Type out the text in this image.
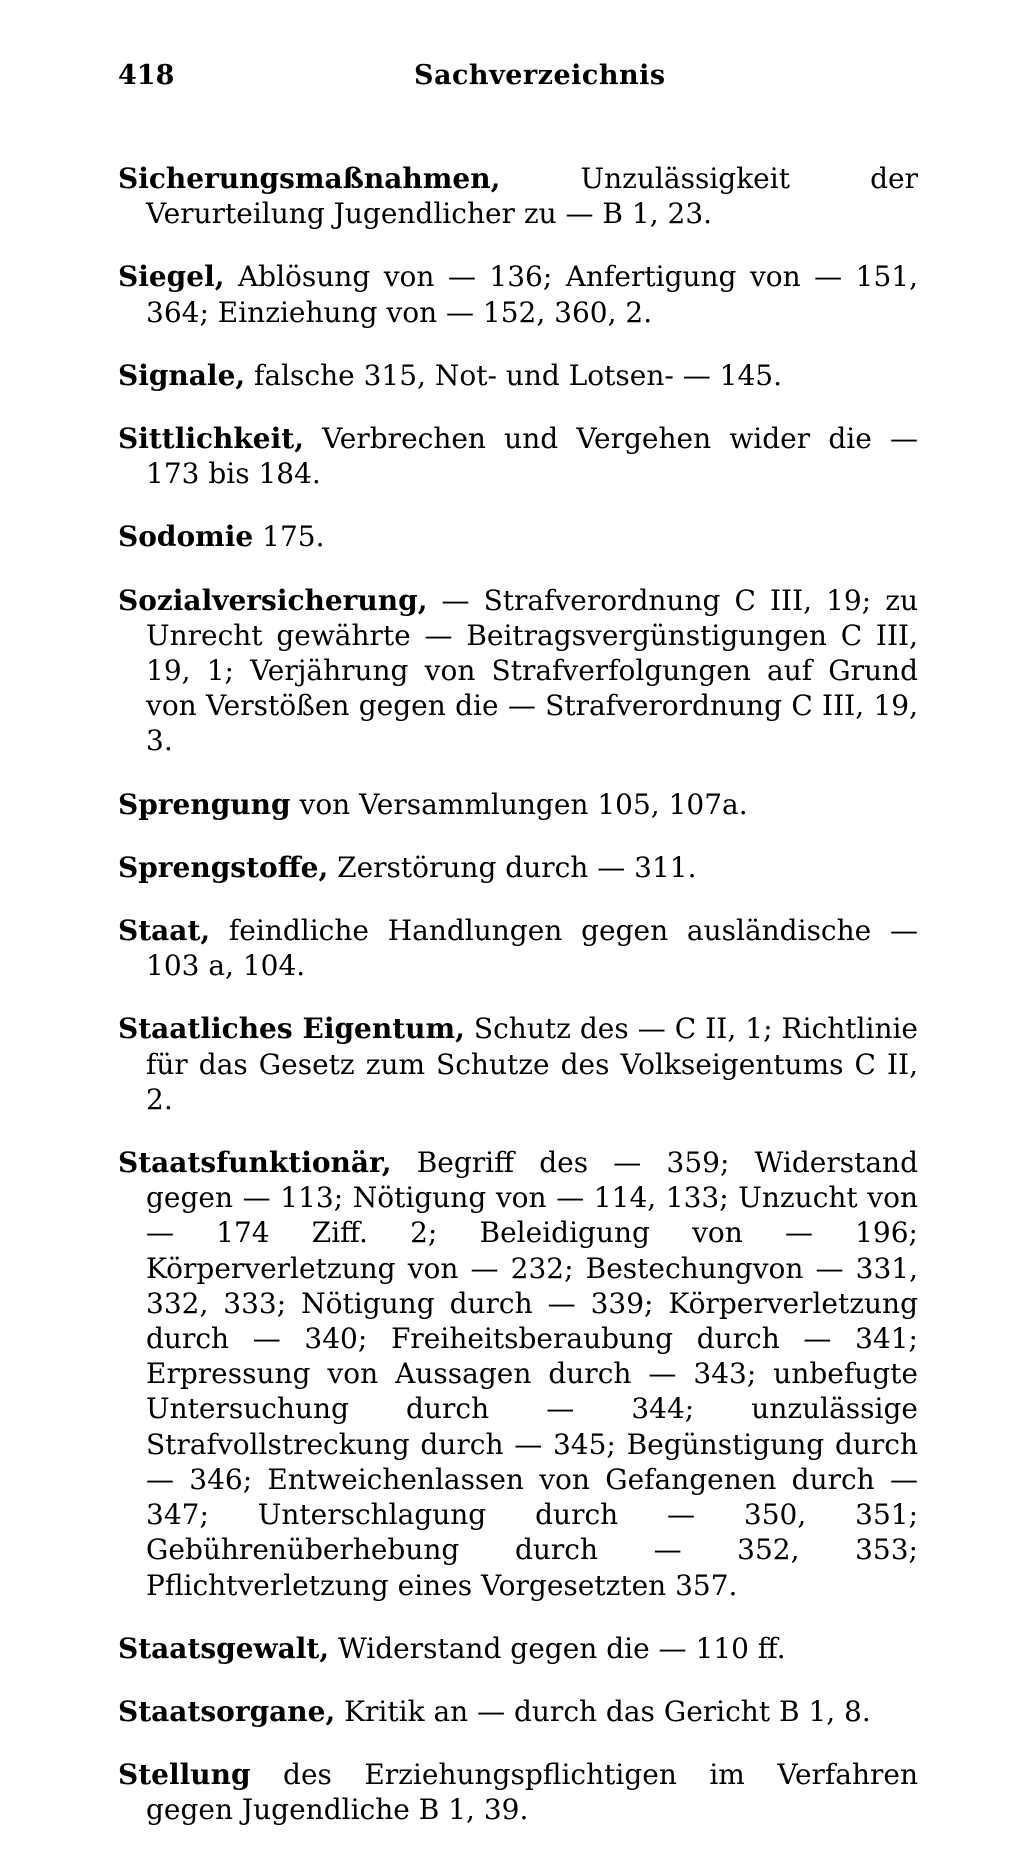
418	Sachverzeichnis

Sicherungsmaßnahmen, Unzulässigkeit der Verurteilung Jugendlicher zu — B 1, 23.

Siegel, Ablösung von — 136; Anfertigung von — 151, 364; Einziehung von — 152, 360, 2.

Signale, falsche 315, Not- und Lotsen- — 145.

Sittlichkeit, Verbrechen und Vergehen wider die — 173 bis 184.

Sodomie 175.

Sozialversicherung, — Strafverordnung C III, 19; zu Unrecht gewährte — Beitragsvergünstigungen C III, 19, 1; Verjährung von Strafverfolgungen auf Grund von Verstößen gegen die — Strafverordnung C III, 19, 3.

Sprengung von Versammlungen 105, 107a.

Sprengstoffe, Zerstörung durch — 311.

Staat, feindliche Handlungen gegen ausländische — 103 a, 104.

Staatliches Eigentum, Schutz des — C II, 1; Richtlinie für das Gesetz zum Schutze des Volkseigentums C II, 2.

Staatsfunktionär, Begriff des — 359; Widerstand gegen — 113; Nötigung von — 114, 133; Unzucht von — 174 Ziff. 2; Beleidigung von — 196; Körperverletzung von — 232; Bestechungvon — 331, 332, 333; Nötigung durch — 339; Körperverletzung durch — 340; Freiheitsberaubung durch — 341; Erpressung von Aussagen durch — 343; unbefugte Untersuchung durch — 344; unzulässige Strafvollstreckung durch — 345; Begünstigung durch — 346; Entweichenlassen von Gefangenen durch — 347; Unterschlagung durch — 350, 351; Gebührenüberhebung durch — 352, 353; Pflichtverletzung eines Vorgesetzten 357.

Staatsgewalt, Widerstand gegen die — 110 ff.

Staatsorgane, Kritik an — durch das Gericht B 1, 8.

Stellung des Erziehungspflichtigen im Verfahren gegen Jugendliche B 1, 39.
